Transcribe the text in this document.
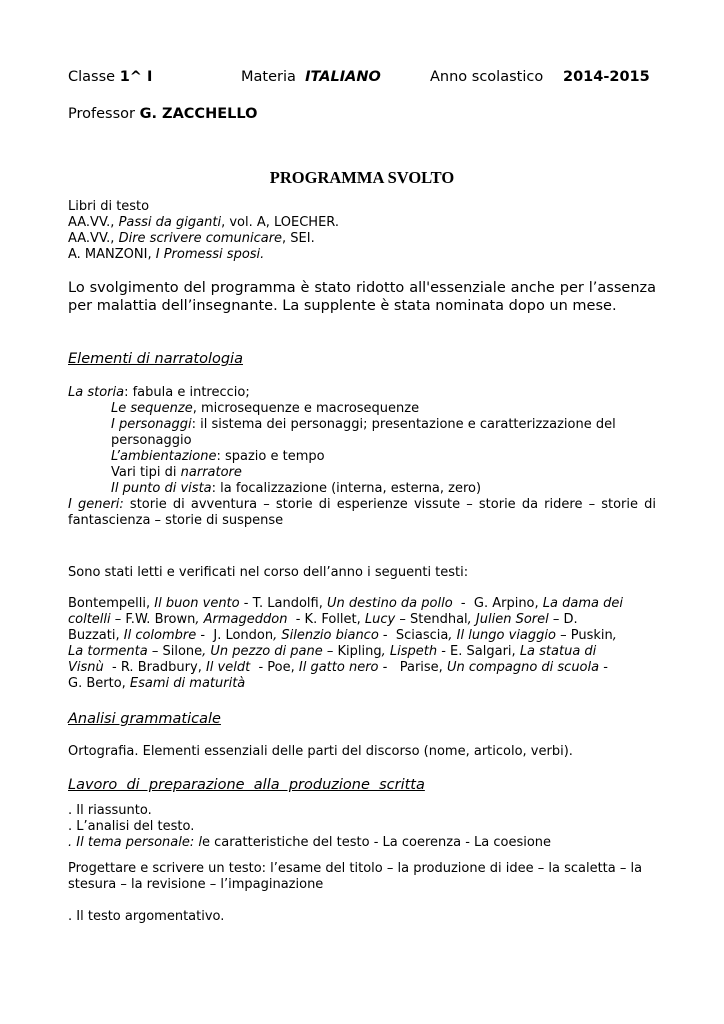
Classe 1^ I	Materia ITALIANO	Anno scolastico 2014-2015
Professor G. ZACCHELLO
PROGRAMMA SVOLTO
Libri di testo
AA.VV., Passi da giganti, vol. A, LOECHER.
AA.VV., Dire scrivere comunicare, SEI.
A. MANZONI, I Promessi sposi.
Lo svolgimento del programma è stato ridotto all'essenziale anche per l’assenza per malattia dell’insegnante. La supplente è stata nominata dopo un mese.
Elementi di narratologia
La storia: fabula e intreccio;
Le sequenze, microsequenze e macrosequenze
I personaggi: il sistema dei personaggi; presentazione e caratterizzazione del
personaggio
L’ambientazione: spazio e tempo
Vari tipi di narratore
Il punto di vista: la focalizzazione (interna, esterna, zero)
I generi: storie di avventura – storie di esperienze vissute – storie da ridere – storie di fantascienza – storie di suspense
Sono stati letti e verificati nel corso dell’anno i seguenti testi:
Bontempelli, Il buon vento - T. Landolfi, Un destino da pollo  -  G. Arpino, La dama dei
coltelli – F.W. Brown, Armageddon  - K. Follet, Lucy – Stendhal, Julien Sorel – D.
Buzzati, Il colombre -  J. London, Silenzio bianco -  Sciascia, Il lungo viaggio – Puskin,
La tormenta – Silone, Un pezzo di pane – Kipling, Lispeth - E. Salgari, La statua di
Visnù  - R. Bradbury, Il veldt  - Poe, Il gatto nero -   Parise, Un compagno di scuola -
G. Berto, Esami di maturità
Analisi grammaticale
Ortografia. Elementi essenziali delle parti del discorso (nome, articolo, verbi).
Lavoro  di  preparazione  alla  produzione  scritta
. Il riassunto.
. L’analisi del testo.
. Il tema personale: le caratteristiche del testo - La coerenza - La coesione
Progettare e scrivere un testo: l’esame del titolo – la produzione di idee – la scaletta – la stesura – la revisione – l’impaginazione
. Il testo argomentativo.
